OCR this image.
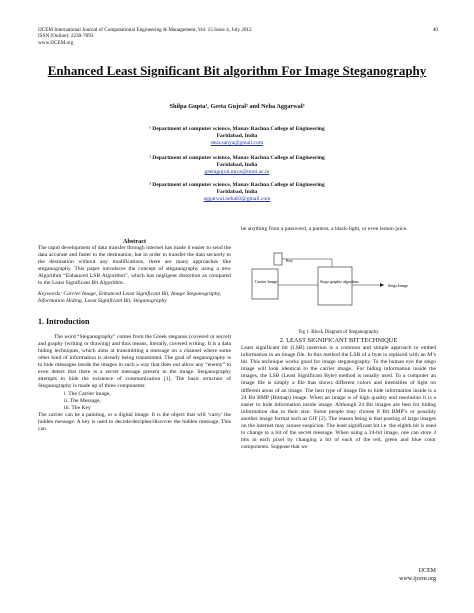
IJCEM International Journal of Computational Engineering & Management, Vol. 15 Issue 4, July 2012
ISSN (Online): 2230-7893
www.IJCEM.org
40
Enhanced Least Significant Bit algorithm For Image Steganography
Shilpa Gupta¹, Geeta Gujral² and Neha Aggarwal³
¹ Department of computer science, Manav Rachna College of Engineering
Faridabad, India
dear.sanya@gmail.com
² Department of computer science, Manav Rachna College of Engineering
Faridabad, India
geetagujral.mrce@mrei.ac.in
³ Department of computer science, Manav Rachna College of Engineering
Faridabad, India
aggarwal.neha83@gmail.com
Abstract
The rapid development of data transfer through internet has made it easier to send the data accurate and faster to the destination, but in order to transfer the data securely to the destination without any modifications, there are many approaches like steganography. This paper introduces the concept of steganography using a new Algorithm “Enhanced LSB Algorithm”, which has negligent distortion as compared to the Least Significant Bit Algorithm.
Keywords: Carrier Image, Enhanced Least Significant Bit, Image Steganography, Information Hiding, Least Significant Bit, Steganography
1. Introduction
The word “Steganography” comes from the Greek steganos (covered or secret) and graphy (writing or drawing) and thus means, literally, covered writing. It is a data hiding techniques, which aims at transmitting a message on a channel where some other kind of information is already being transmitted. The goal of steganography is to hide messages inside the images in such a way that does not allow any “enemy” to even detect that there is a secret message present in the image. Steganography attempts to hide the existence of communication [1]. The basic structure of Steganography is made up of three components:
i. The Carrier image,
ii. The Message,
iii. The Key
The carrier can be a painting, or a digital image. It is the object that will ‘carry’ the hidden message. A key is used to decode/decipher/discover the hidden message. This can
be anything from a password, a pattern, a black-light, or even lemon juice.
Key
Carrier Image	Stego graphic algorithm
Stego Image
Fig 1. Block Diagram of Steganography
2. LEAST SIGNIFICANT BIT TECHNIQUE
Least significant bit (LSB) insertion is a common and simple approach to embed information in an image file. In this method the LSB of a byte is replaced with an M’s bit. This technique works good for image steganography. To the human eye the stego image will look identical to the carrier image.. For hiding information inside the images, the LSB (Least Significant Byte) method is usually used. To a computer an image file is simply a file that shows different colors and intensities of light on different areas of an image. The best type of image file to hide information inside is a 24 Bit BMP (Bitmap) image. When an image is of high quality and resolution it is a easier to hide information inside image. Although 24 Bit images are best for hiding information due to their size. Some people may choose 8 Bit BMP’s or possibly another image format such as GIF [2]. The reason being is that posting of large images on the internet may arouse suspicion. The least significant bit i.e. the eighth bit is used to change to a bit of the secret message. When using a 24-bit image, one can store 3 bits in each pixel by changing a bit of each of the red, green and blue color components. Suppose that we
IJCEM
www.ijcem.org
